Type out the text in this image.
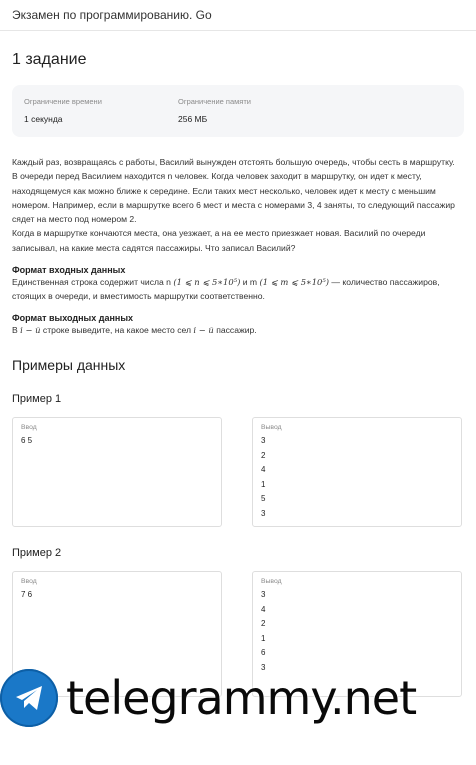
Экзамен по программированию. Go
1 задание
Ограничение времени
1 секунда
Ограничение памяти
256 МБ

Каждый раз, возвращаясь с работы, Василий вынужден отстоять большую очередь, чтобы сесть в маршрутку.

В очереди перед Василием находится n человек. Когда человек заходит в маршрутку, он идет к месту, находящемуся как можно ближе к середине. Если таких мест несколько, человек идет к месту с меньшим номером. Например, если в маршрутке всего 6 мест и места с номерами 3, 4 заняты, то следующий пассажир сядет на место под номером 2.

Когда в маршрутке кончаются места, она уезжает, а на ее место приезжает новая. Василий по очереди записывал, на какие места садятся пассажиры. Что записал Василий?

Формат входных данных
Единственная строка содержит числа n (1 ⩽ n ⩽ 5∗10⁵) и m (1 ⩽ m ⩽ 5∗10⁵) — количество пассажиров, стоящих в очереди, и вместимость маршрутки соответственно.
Формат выходных данных
В i − й строке выведите, на какое место сел i − й пассажир.
Примеры данных
Пример 1
Ввод
6 5
Вывод
3
2
4
1
5
3
Пример 2
Ввод
7 6
Вывод
3
4
2
1
6
3
telegrammy.net
